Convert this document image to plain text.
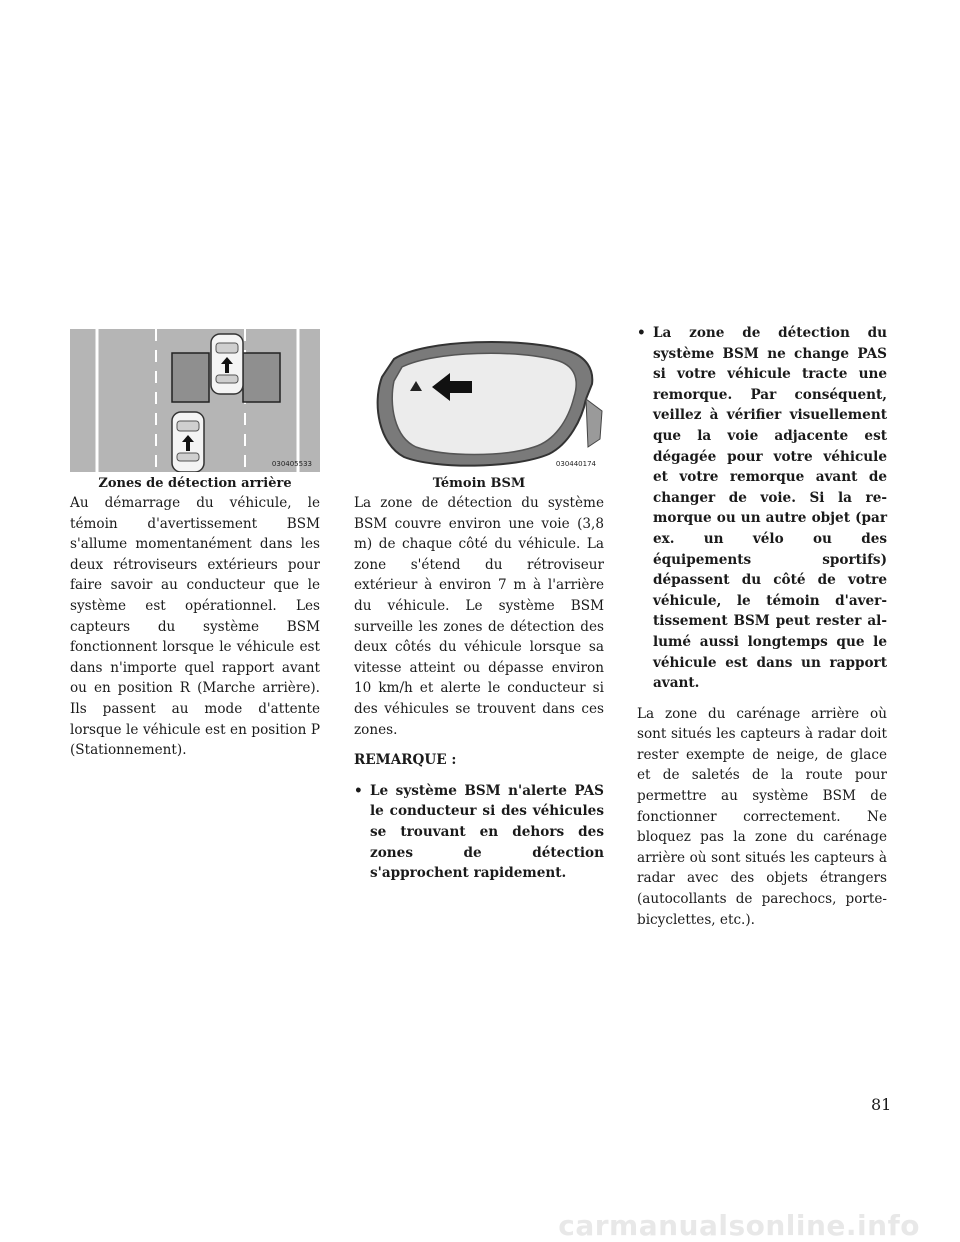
030405533	030440174
Zones de détection arrière	Témoin BSM

Au démarrage du véhicule, le témoin d'avertissement BSM s'allume momentanément dans les deux rétroviseurs extérieurs pour faire savoir au conducteur que le système est opérationnel. Les capteurs du système BSM fonctionnent lorsque le véhicule est dans n'importe quel rapport avant ou en position R (Marche arrière). Ils passent au mode d'attente lorsque le véhicule est en position P (Stationnement).

La zone de détection du système BSM couvre environ une voie (3,8 m) de chaque côté du véhicule. La zone s'étend du rétroviseur extérieur à environ 7 m à l'arrière du véhicule. Le système BSM surveille les zones de détection des deux côtés du véhicule lorsque sa vitesse atteint ou dépasse environ 10 km/h et alerte le conducteur si des véhicules se trouvent dans ces zones.

REMARQUE :

• Le système BSM n'alerte PAS le conducteur si des véhicules se trouvant en dehors des zones de détection s'approchent rapidement.
• La zone de détection du système BSM ne change PAS si votre véhicule tracte une remorque. Par conséquent, veillez à vérifier visuellement que la voie adjacente est dégagée pour votre véhicule et votre remorque avant de changer de voie. Si la remorque ou un autre objet (par ex. un vélo ou des équipements sportifs) dépassent du côté de votre véhicule, le témoin d'avertissement BSM peut rester allumé aussi longtemps que le véhicule est dans un rapport avant.

La zone du carénage arrière où sont situés les capteurs à radar doit rester exempte de neige, de glace et de saletés de la route pour permettre au système BSM de fonctionner correctement. Ne bloquez pas la zone du carénage arrière où sont situés les capteurs à radar avec des objets étrangers (autocollants de parechocs, porte-bicyclettes, etc.).

81
carmanualsonline.info
